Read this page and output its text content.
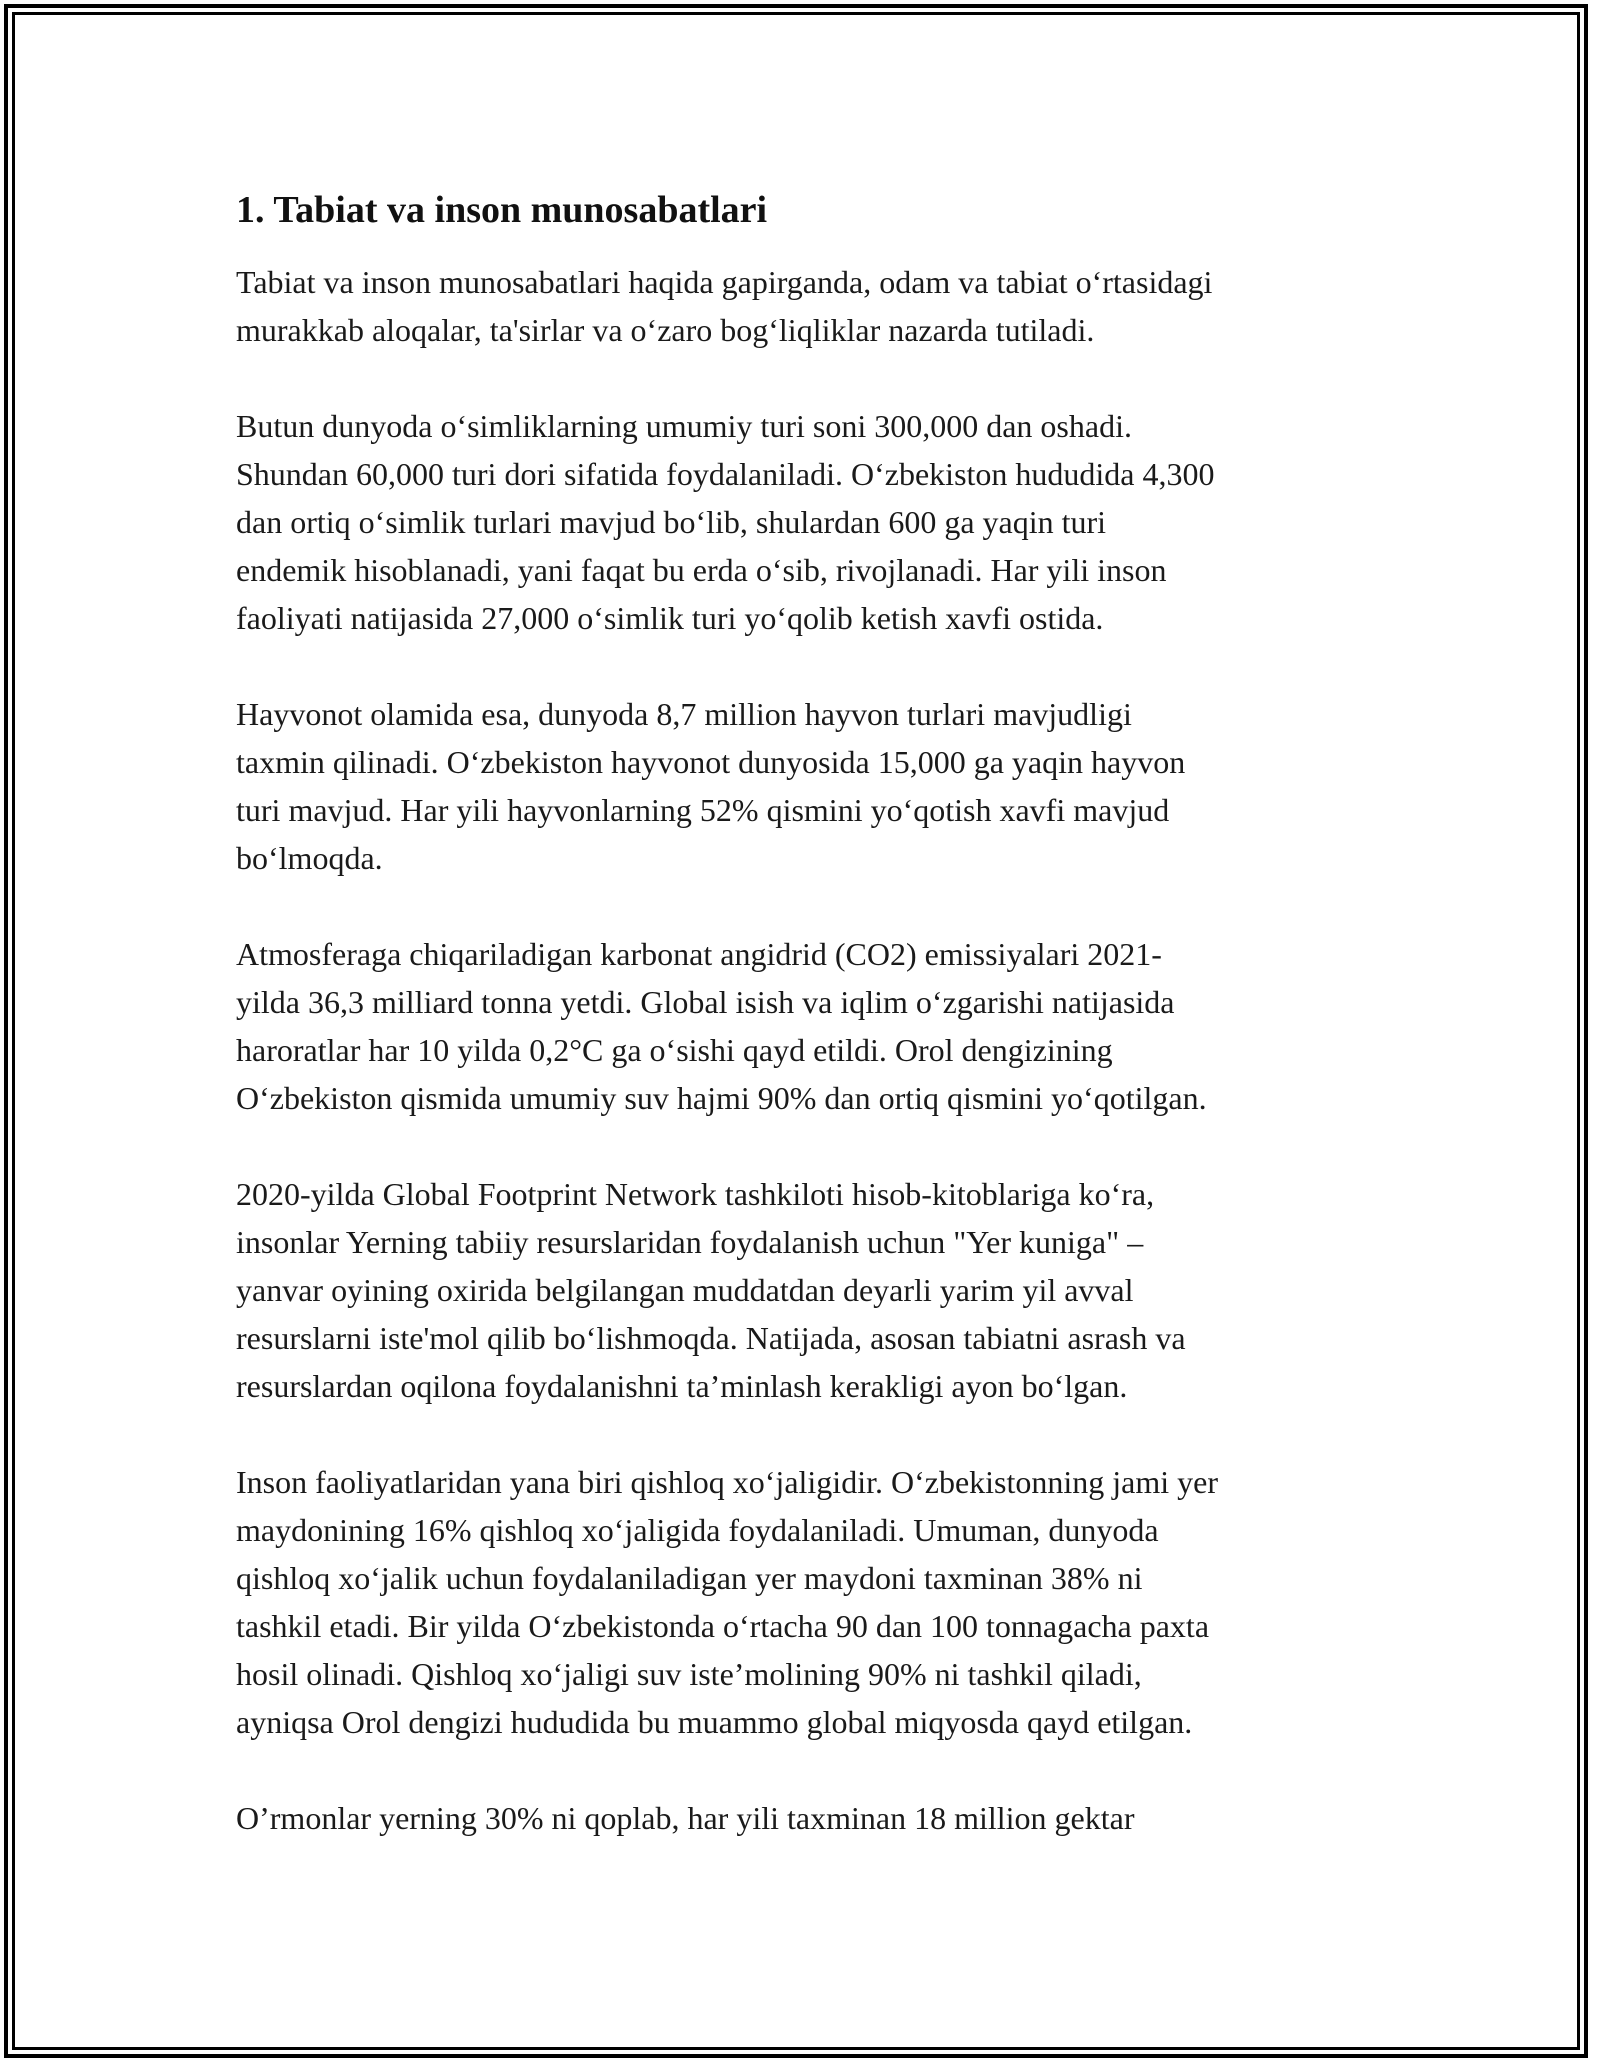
1. Tabiat va inson munosabatlari

Tabiat va inson munosabatlari haqida gapirganda, odam va tabiat oʻrtasidagi
murakkab aloqalar, ta'sirlar va oʻzaro bogʻliqliklar nazarda tutiladi.

Butun dunyoda oʻsimliklarning umumiy turi soni 300,000 dan oshadi.
Shundan 60,000 turi dori sifatida foydalaniladi. Oʻzbekiston hududida 4,300
dan ortiq oʻsimlik turlari mavjud boʻlib, shulardan 600 ga yaqin turi
endemik hisoblanadi, yani faqat bu erda oʻsib, rivojlanadi. Har yili inson
faoliyati natijasida 27,000 oʻsimlik turi yoʻqolib ketish xavfi ostida.

Hayvonot olamida esa, dunyoda 8,7 million hayvon turlari mavjudligi
taxmin qilinadi. Oʻzbekiston hayvonot dunyosida 15,000 ga yaqin hayvon
turi mavjud. Har yili hayvonlarning 52% qismini yoʻqotish xavfi mavjud
boʻlmoqda.

Atmosferaga chiqariladigan karbonat angidrid (CO2) emissiyalari 2021-
yilda 36,3 milliard tonna yetdi. Global isish va iqlim oʻzgarishi natijasida
haroratlar har 10 yilda 0,2°C ga oʻsishi qayd etildi. Orol dengizining
Oʻzbekiston qismida umumiy suv hajmi 90% dan ortiq qismini yoʻqotilgan.

2020-yilda Global Footprint Network tashkiloti hisob-kitoblariga koʻra,
insonlar Yerning tabiiy resurslaridan foydalanish uchun "Yer kuniga" –
yanvar oyining oxirida belgilangan muddatdan deyarli yarim yil avval
resurslarni iste'mol qilib boʻlishmoqda. Natijada, asosan tabiatni asrash va
resurslardan oqilona foydalanishni taʼminlash kerakligi ayon boʻlgan.

Inson faoliyatlaridan yana biri qishloq xoʻjaligidir. Oʻzbekistonning jami yer
maydonining 16% qishloq xoʻjaligida foydalaniladi. Umuman, dunyoda
qishloq xoʻjalik uchun foydalaniladigan yer maydoni taxminan 38% ni
tashkil etadi. Bir yilda Oʻzbekistonda oʻrtacha 90 dan 100 tonnagacha paxta
hosil olinadi. Qishloq xoʻjaligi suv isteʼmolining 90% ni tashkil qiladi,
ayniqsa Orol dengizi hududida bu muammo global miqyosda qayd etilgan.

Oʼrmonlar yerning 30% ni qoplab, har yili taxminan 18 million gektar
